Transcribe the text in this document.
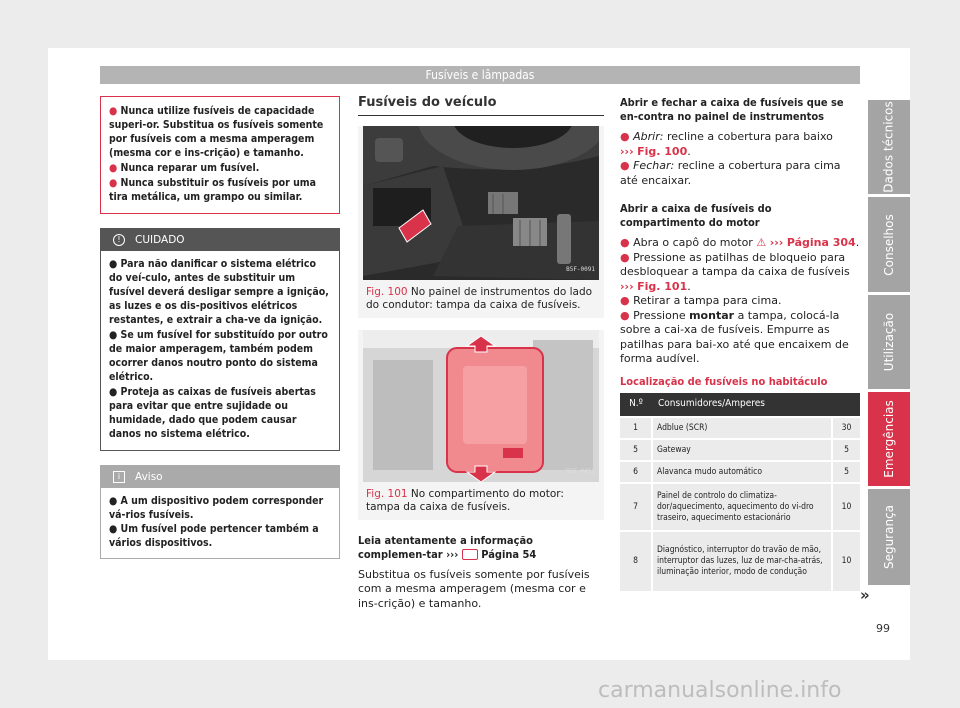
Fusíveis e lâmpadas
Dados técnicos
Conselhos
Utilização
Emergências
Segurança
● Nunca utilize fusíveis de capacidade superi-or. Substitua os fusíveis somente por fusíveis com a mesma amperagem (mesma cor e ins-crição) e tamanho.
● Nunca reparar um fusível.
● Nunca substituir os fusíveis por uma tira metálica, um grampo ou similar.
!	CUIDADO
● Para não danificar o sistema elétrico do veí-culo, antes de substituir um fusível deverá desligar sempre a ignição, as luzes e os dis-positivos elétricos restantes, e extrair a cha-ve da ignição.
● Se um fusível for substituído por outro de maior amperagem, também podem ocorrer danos noutro ponto do sistema elétrico.
● Proteja as caixas de fusíveis abertas para evitar que entre sujidade ou humidade, dado que podem causar danos no sistema elétrico.
i	Aviso
● A um dispositivo podem corresponder vá-rios fusíveis.
● Um fusível pode pertencer também a vários dispositivos.
Fusíveis do veículo
B5F-0091
Fig. 100 No painel de instrumentos do lado do condutor: tampa da caixa de fusíveis.
B5F-0452
Fig. 101 No compartimento do motor: tampa da caixa de fusíveis.
Leia atentamente a informação complemen-tar ››› Página 54
Substitua os fusíveis somente por fusíveis com a mesma amperagem (mesma cor e ins-crição) e tamanho.
Abrir e fechar a caixa de fusíveis que se en-contra no painel de instrumentos
● Abrir: recline a cobertura para baixo
››› Fig. 100.
● Fechar: recline a cobertura para cima até encaixar.
Abrir a caixa de fusíveis do compartimento do motor
● Abra o capô do motor ⚠ ››› Página 304.
● Pressione as patilhas de bloqueio para desbloquear a tampa da caixa de fusíveis ››› Fig. 101.
● Retirar a tampa para cima.
● Pressione montar a tampa, colocá-la sobre a cai-xa de fusíveis. Empurre as patilhas para bai-xo até que encaixem de forma audível.
Localização de fusíveis no habitáculo
N.º	Consumidores/Amperes	
1	Adblue (SCR)	30
5	Gateway	5
6	Alavanca mudo automático	5
7	Painel de controlo do climatiza-dor/aquecimento, aquecimento do vi-dro traseiro, aquecimento estacionário	10
8	Diagnóstico, interruptor do travão de mão, interruptor das luzes, luz de mar-cha-atrás, iluminação interior, modo de condução	10
»
99
carmanualsonline.info
